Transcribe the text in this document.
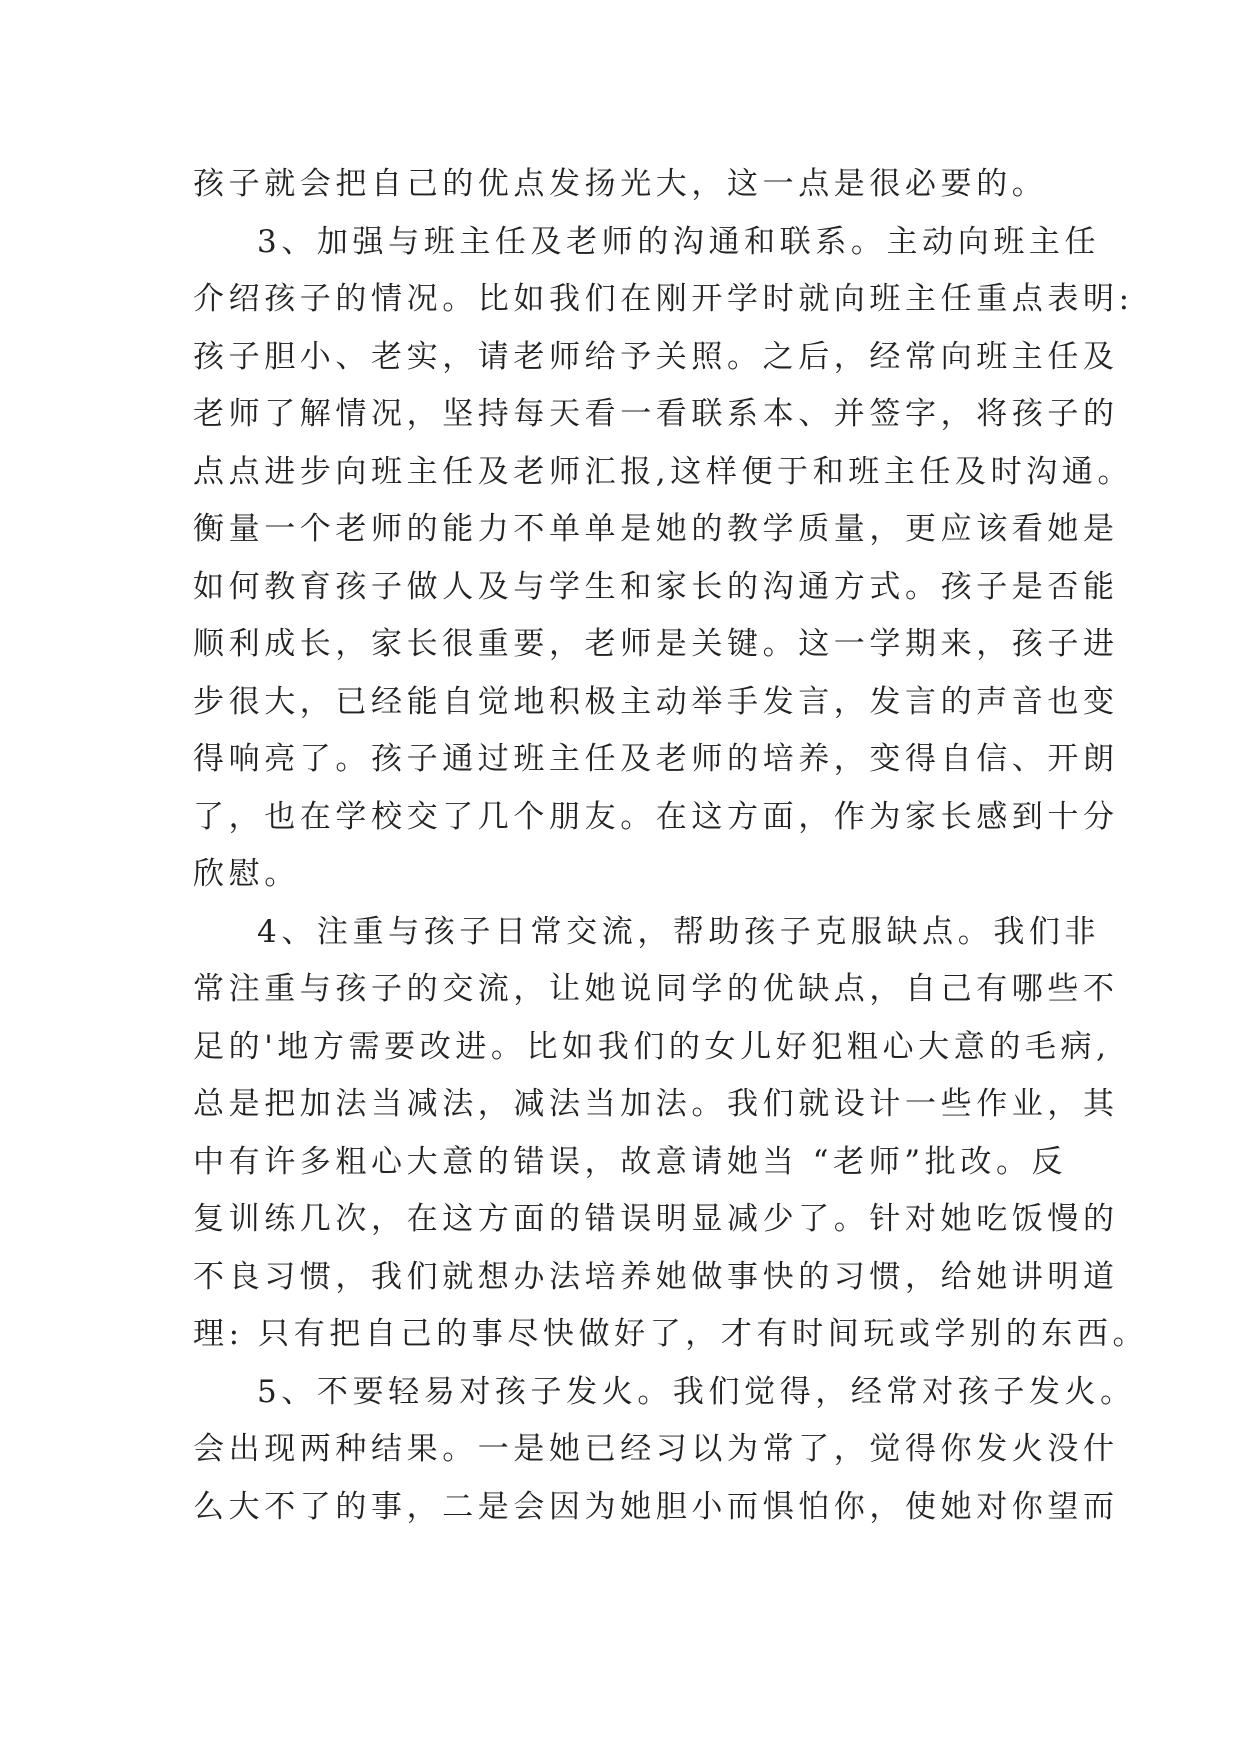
孩子就会把自己的优点发扬光大，这一点是很必要的。
3、加强与班主任及老师的沟通和联系。主动向班主任
介绍孩子的情况。比如我们在刚开学时就向班主任重点表明:
孩子胆小、老实，请老师给予关照。之后，经常向班主任及
老师了解情况，坚持每天看一看联系本、并签字，将孩子的
点点进步向班主任及老师汇报,这样便于和班主任及时沟通。
衡量一个老师的能力不单单是她的教学质量，更应该看她是
如何教育孩子做人及与学生和家长的沟通方式。孩子是否能
顺利成长，家长很重要，老师是关键。这一学期来，孩子进
步很大，已经能自觉地积极主动举手发言，发言的声音也变
得响亮了。孩子通过班主任及老师的培养，变得自信、开朗
了，也在学校交了几个朋友。在这方面，作为家长感到十分
欣慰。
4、注重与孩子日常交流，帮助孩子克服缺点。我们非
常注重与孩子的交流，让她说同学的优缺点，自己有哪些不
足的'地方需要改进。比如我们的女儿好犯粗心大意的毛病,
总是把加法当减法，减法当加法。我们就设计一些作业，其
中有许多粗心大意的错误，故意请她当 “老师”批改。反
复训练几次，在这方面的错误明显减少了。针对她吃饭慢的
不良习惯，我们就想办法培养她做事快的习惯，给她讲明道
理: 只有把自己的事尽快做好了，才有时间玩或学别的东西。
5、不要轻易对孩子发火。我们觉得，经常对孩子发火。
会出现两种结果。一是她已经习以为常了，觉得你发火没什
么大不了的事，二是会因为她胆小而惧怕你，使她对你望而
